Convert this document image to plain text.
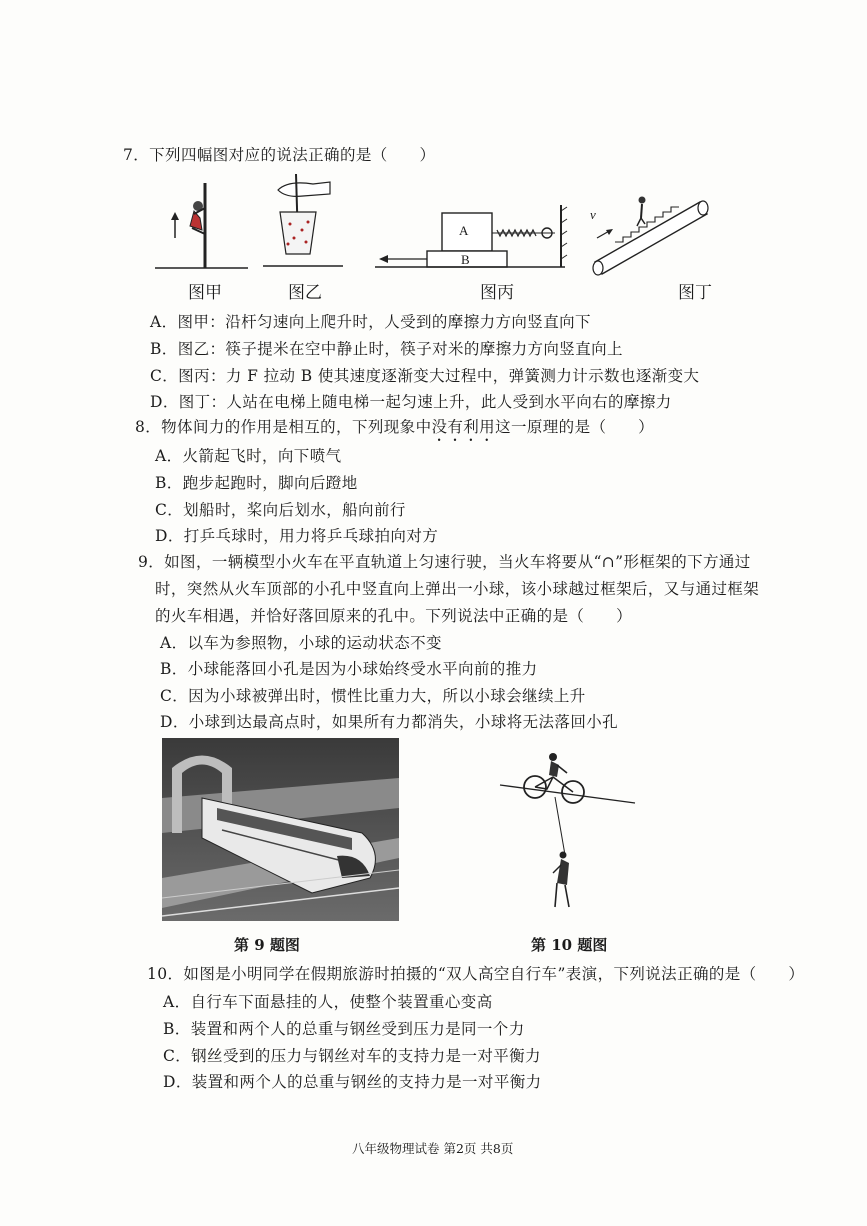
7．下列四幅图对应的说法正确的是（　　）
图甲	图乙
A
B
图丙
v
图丁
A．图甲：沿杆匀速向上爬升时，人受到的摩擦力方向竖直向下
B．图乙：筷子提米在空中静止时，筷子对米的摩擦力方向竖直向上
C．图丙：力 F 拉动 B 使其速度逐渐变大过程中，弹簧测力计示数也逐渐变大
D．图丁：人站在电梯上随电梯一起匀速上升，此人受到水平向右的摩擦力
8．物体间力的作用是相互的，下列现象中没有利用这一原理的是（　　）
A．火箭起飞时，向下喷气
B．跑步起跑时，脚向后蹬地
C．划船时，桨向后划水，船向前行
D．打乒乓球时，用力将乒乓球拍向对方
9．如图，一辆模型小火车在平直轨道上匀速行驶，当火车将要从“∩”形框架的下方通过
时，突然从火车顶部的小孔中竖直向上弹出一小球，该小球越过框架后，又与通过框架
的火车相遇，并恰好落回原来的孔中。下列说法中正确的是（　　）
A．以车为参照物，小球的运动状态不变
B．小球能落回小孔是因为小球始终受水平向前的推力
C．因为小球被弹出时，惯性比重力大，所以小球会继续上升
D．小球到达最高点时，如果所有力都消失，小球将无法落回小孔
第 9 题图	第 10 题图
10．如图是小明同学在假期旅游时拍摄的“双人高空自行车”表演，下列说法正确的是（　　）
A．自行车下面悬挂的人，使整个装置重心变高
B．装置和两个人的总重与钢丝受到压力是同一个力
C．钢丝受到的压力与钢丝对车的支持力是一对平衡力
D．装置和两个人的总重与钢丝的支持力是一对平衡力
八年级物理试卷 第2页 共8页
